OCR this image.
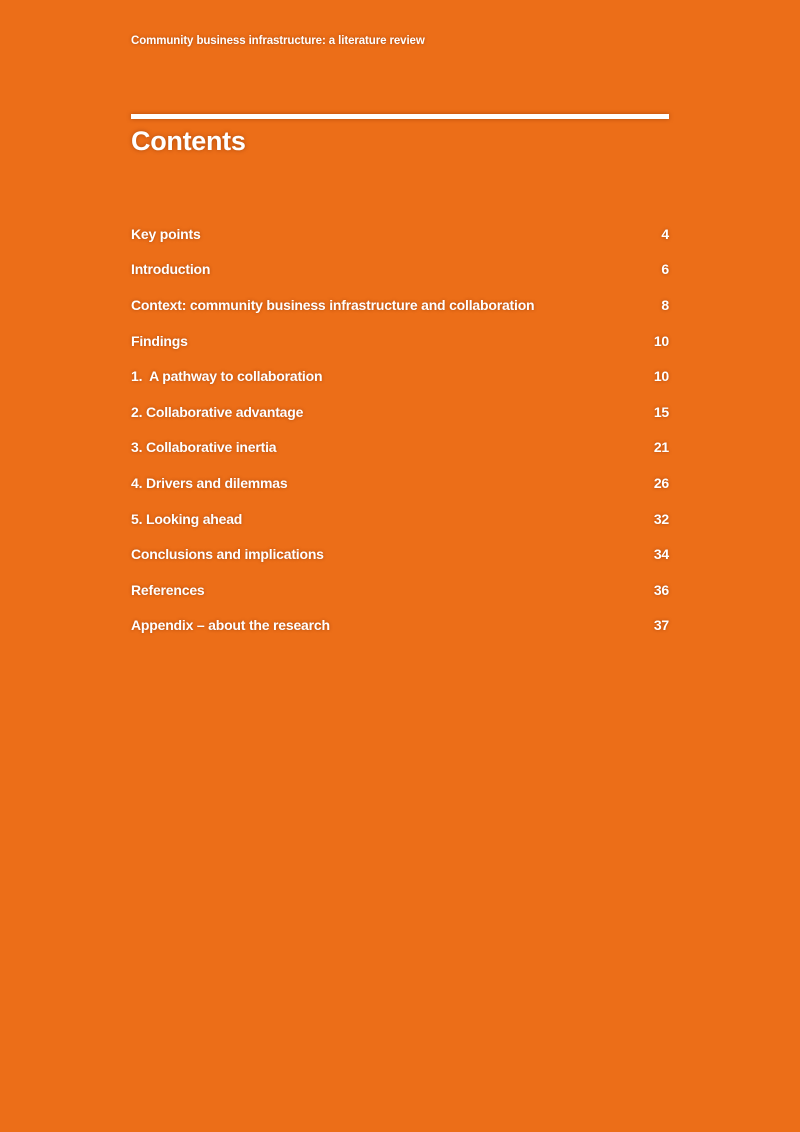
Community business infrastructure: a literature review
Contents
Key points	4
Introduction	6
Context: community business infrastructure and collaboration	8
Findings	10
1.  A pathway to collaboration	10
2. Collaborative advantage	15
3. Collaborative inertia	21
4. Drivers and dilemmas	26
5. Looking ahead	32
Conclusions and implications	34
References	36
Appendix – about the research	37
